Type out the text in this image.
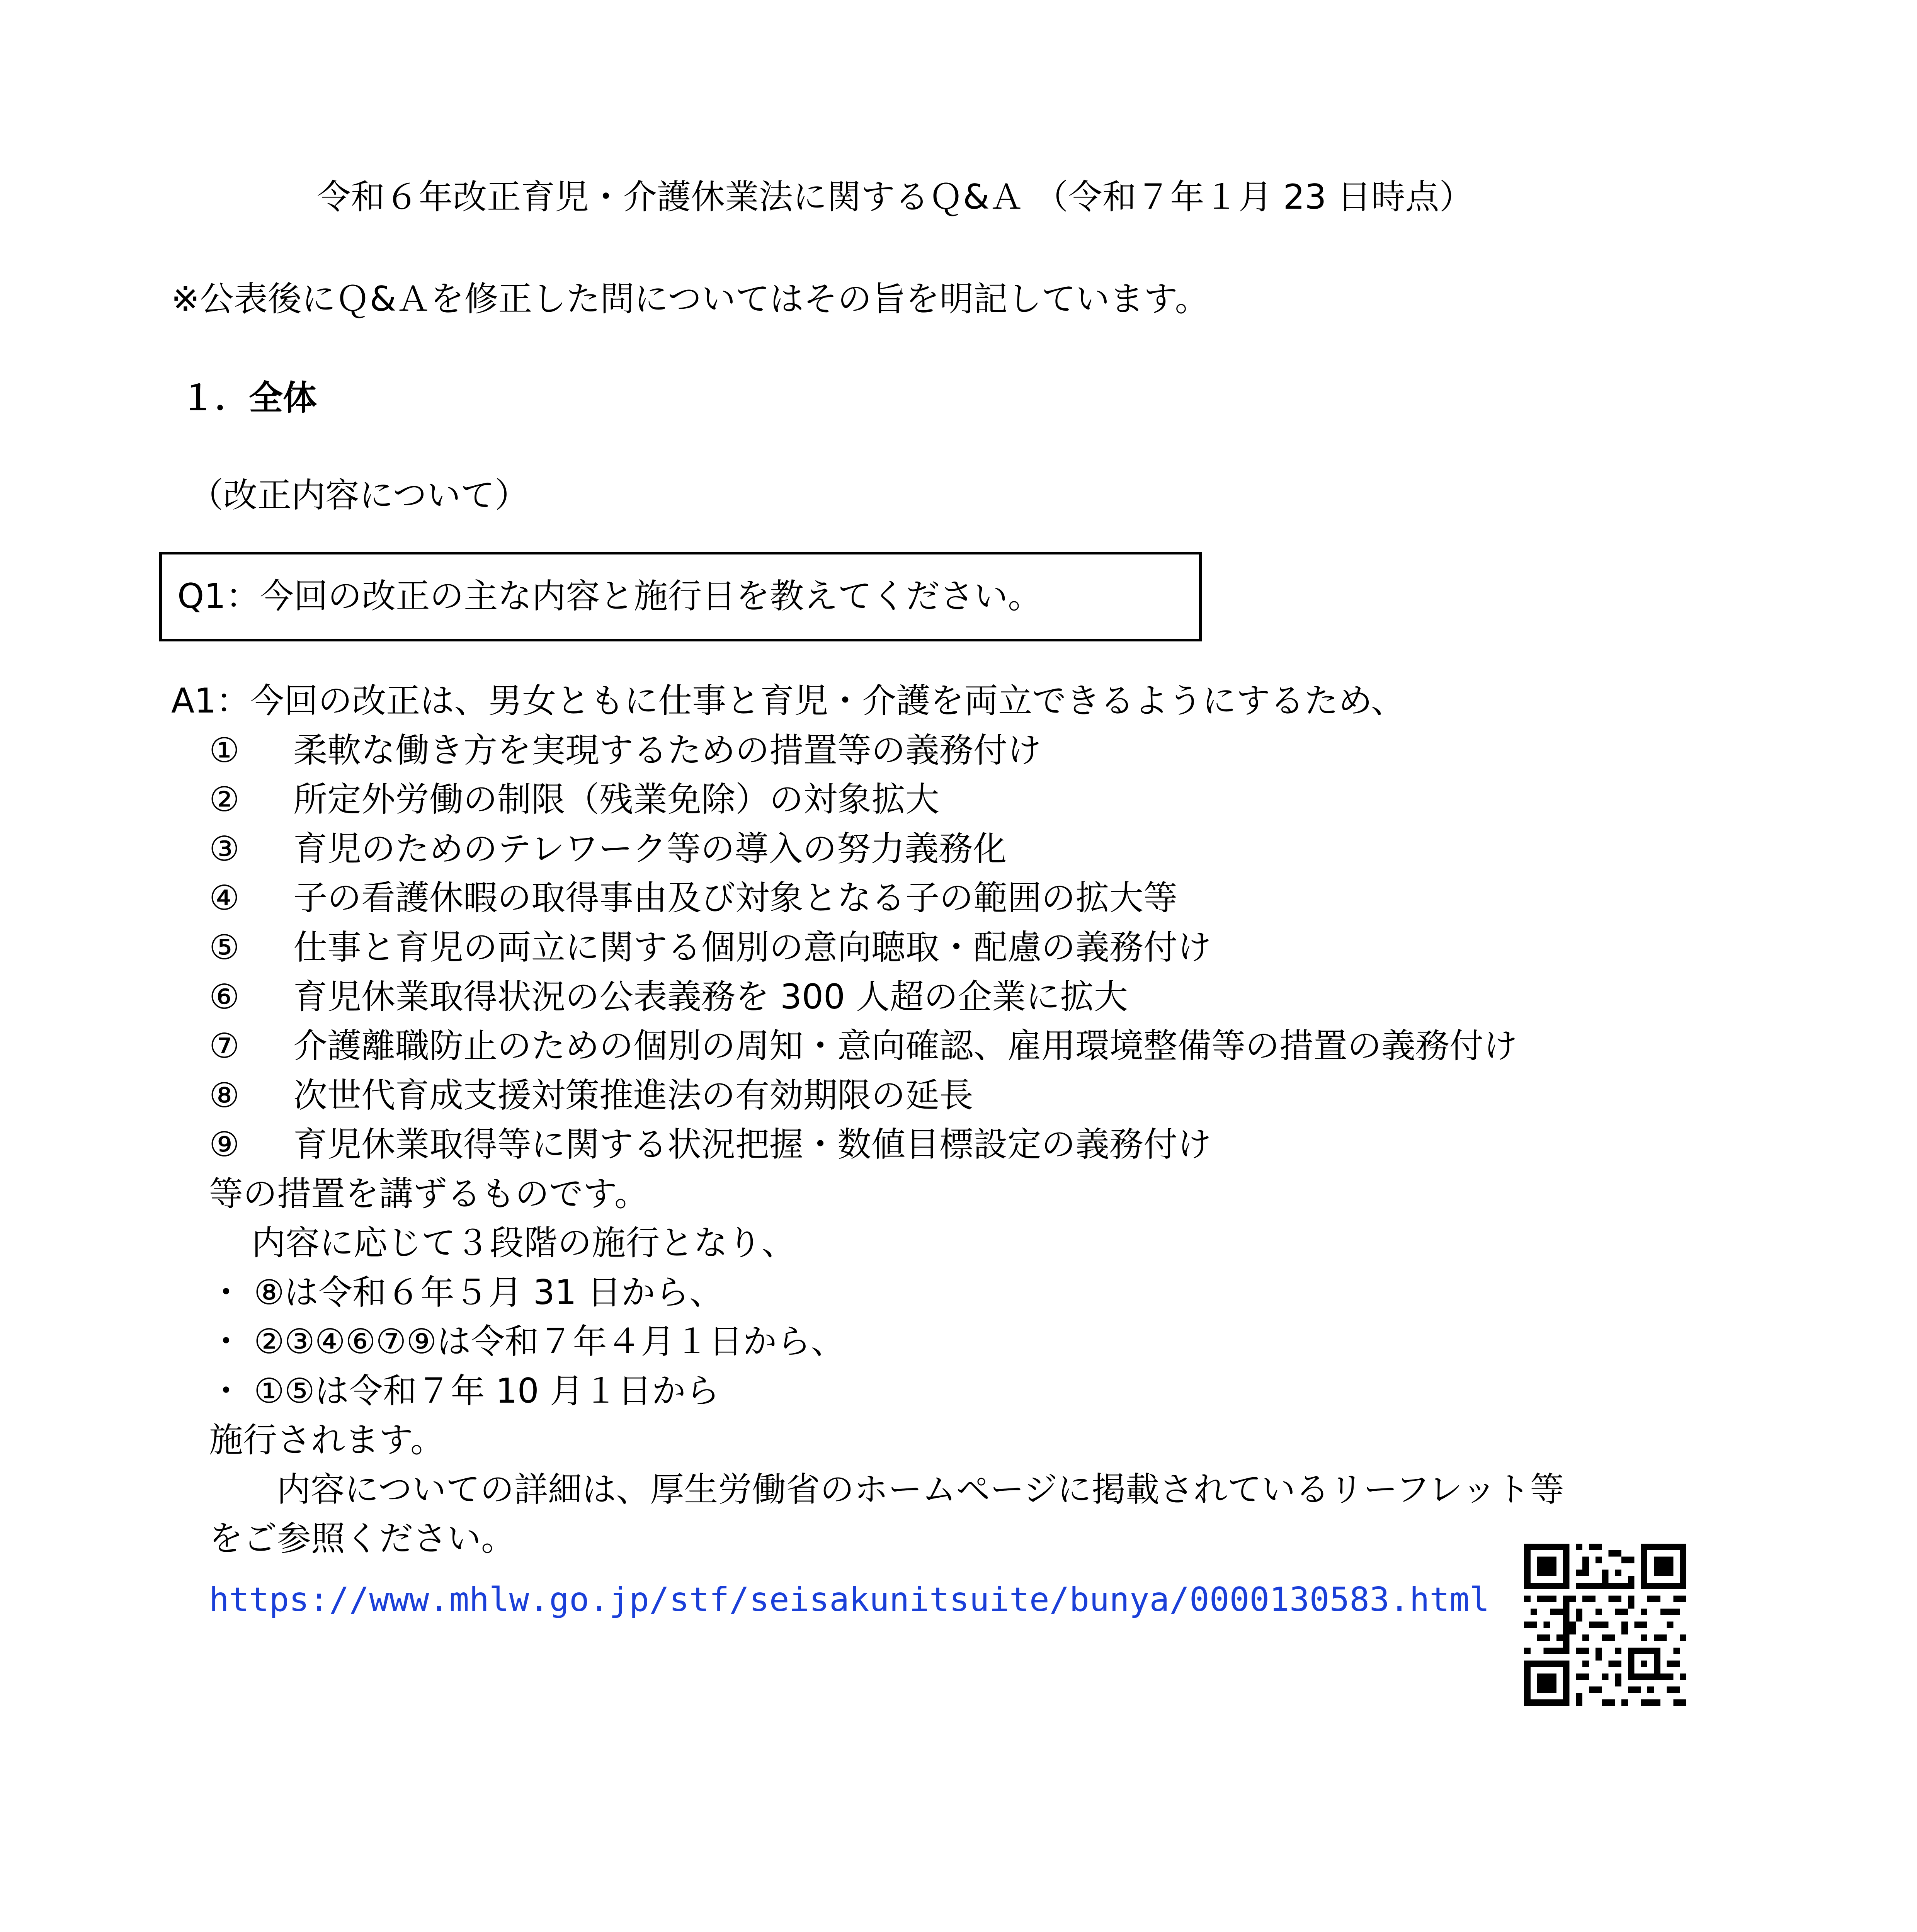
令和６年改正育児・介護休業法に関するＱ&Ａ （令和７年１月 23 日時点）
※公表後にＱ&Ａを修正した問についてはその旨を明記しています。
１．全体
（改正内容について）
Q1：今回の改正の主な内容と施行日を教えてください。
A1：今回の改正は、男女ともに仕事と育児・介護を両立できるようにするため、
① 柔軟な働き方を実現するための措置等の義務付け
② 所定外労働の制限（残業免除）の対象拡大
③ 育児のためのテレワーク等の導入の努力義務化
④ 子の看護休暇の取得事由及び対象となる子の範囲の拡大等
⑤ 仕事と育児の両立に関する個別の意向聴取・配慮の義務付け
⑥ 育児休業取得状況の公表義務を 300 人超の企業に拡大
⑦ 介護離職防止のための個別の周知・意向確認、雇用環境整備等の措置の義務付け
⑧ 次世代育成支援対策推進法の有効期限の延長
⑨ 育児休業取得等に関する状況把握・数値目標設定の義務付け
等の措置を講ずるものです。
内容に応じて３段階の施行となり、
・ ⑧は令和６年５月 31 日から、
・ ②③④⑥⑦⑨は令和７年４月１日から、
・ ①⑤は令和７年 10 月１日から
施行されます。
内容についての詳細は、厚生労働省のホームページに掲載されているリーフレット等
をご参照ください。
https://www.mhlw.go.jp/stf/seisakunitsuite/bunya/0000130583.html
